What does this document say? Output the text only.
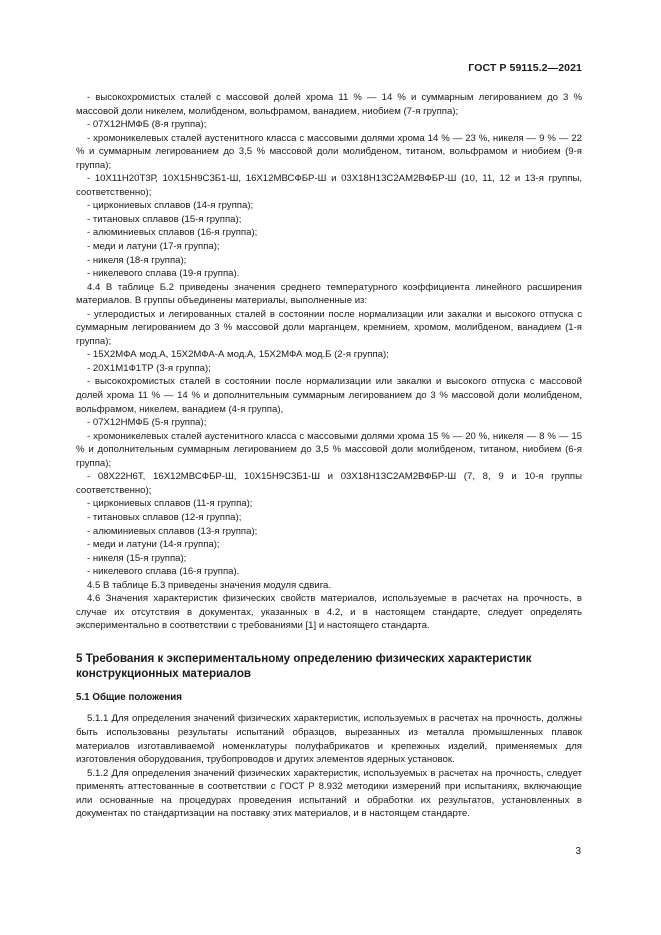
ГОСТ Р 59115.2—2021

- высокохромистых сталей с массовой долей хрома 11 % — 14 % и суммарным легированием до 3 % массовой доли никелем, молибденом, вольфрамом, ванадием, ниобием (7-я группа);

- 07Х12НМФБ (8-я группа);

- хромоникелевых сталей аустенитного класса с массовыми долями хрома 14 % — 23 %, никеля — 9 % — 22 % и суммарным легированием до 3,5 % массовой доли молибденом, титаном, вольфрамом и ниобием (9-я группа);

- 10Х11Н20Т3Р, 10Х15Н9С3Б1-Ш, 16Х12МВСФБР-Ш и 03Х18Н13С2АМ2ВФБР-Ш (10, 11, 12 и 13-я группы, соответственно);

- циркониевых сплавов (14-я группа);

- титановых сплавов (15-я группа);

- алюминиевых сплавов (16-я группа);

- меди и латуни (17-я группа);

- никеля (18-я группа);

- никелевого сплава (19-я группа).

4.4 В таблице Б.2 приведены значения среднего температурного коэффициента линейного расширения материалов. В группы объединены материалы, выполненные из:

- углеродистых и легированных сталей в состоянии после нормализации или закалки и высокого отпуска с суммарным легированием до 3 % массовой доли марганцем, кремнием, хромом, молибденом, ванадием (1-я группа);

- 15Х2МФА мод.А, 15Х2МФА-А мод.А, 15Х2МФА мод.Б (2-я группа);

- 20Х1М1Ф1ТР (3-я группа);

- высокохромистых сталей в состоянии после нормализации или закалки и высокого отпуска с массовой долей хрома 11 % — 14 % и дополнительным суммарным легированием до 3 % массовой доли молибденом, вольфрамом, никелем, ванадием (4-я группа),

- 07Х12НМФБ (5-я группа);

- хромоникелевых сталей аустенитного класса с массовыми долями хрома 15 % — 20 %, никеля — 8 % — 15 % и дополнительным суммарным легированием до 3,5 % массовой доли молибденом, титаном, ниобием (6-я группа);

- 08Х22Н6Т, 16Х12МВСФБР-Ш, 10Х15Н9С3Б1-Ш и 03Х18Н13С2АМ2ВФБР-Ш (7, 8, 9 и 10-я группы соответственно);

- циркониевых сплавов (11-я группа);

- титановых сплавов (12-я группа);

- алюминиевых сплавов (13-я группа);

- меди и латуни (14-я группа);

- никеля (15-я группа);

- никелевого сплава (16-я группа).

4.5 В таблице Б.3 приведены значения модуля сдвига.

4.6 Значения характеристик физических свойств материалов, используемые в расчетах на прочность, в случае их отсутствия в документах, указанных в 4.2, и в настоящем стандарте, следует определять экспериментально в соответствии с требованиями [1] и настоящего стандарта.

5 Требования к экспериментальному определению физических характеристик конструкционных материалов

5.1 Общие положения

5.1.1 Для определения значений физических характеристик, используемых в расчетах на прочность, должны быть использованы результаты испытаний образцов, вырезанных из металла промышленных плавок материалов изготавливаемой номенклатуры полуфабрикатов и крепежных изделий, применяемых для изготовления оборудования, трубопроводов и других элементов ядерных установок.

5.1.2 Для определения значений физических характеристик, используемых в расчетах на прочность, следует применять аттестованные в соответствии с ГОСТ Р 8.932 методики измерений при испытаниях, включающие или основанные на процедурах проведения испытаний и обработки их результатов, установленных в документах по стандартизации на поставку этих материалов, и в настоящем стандарте.

3
